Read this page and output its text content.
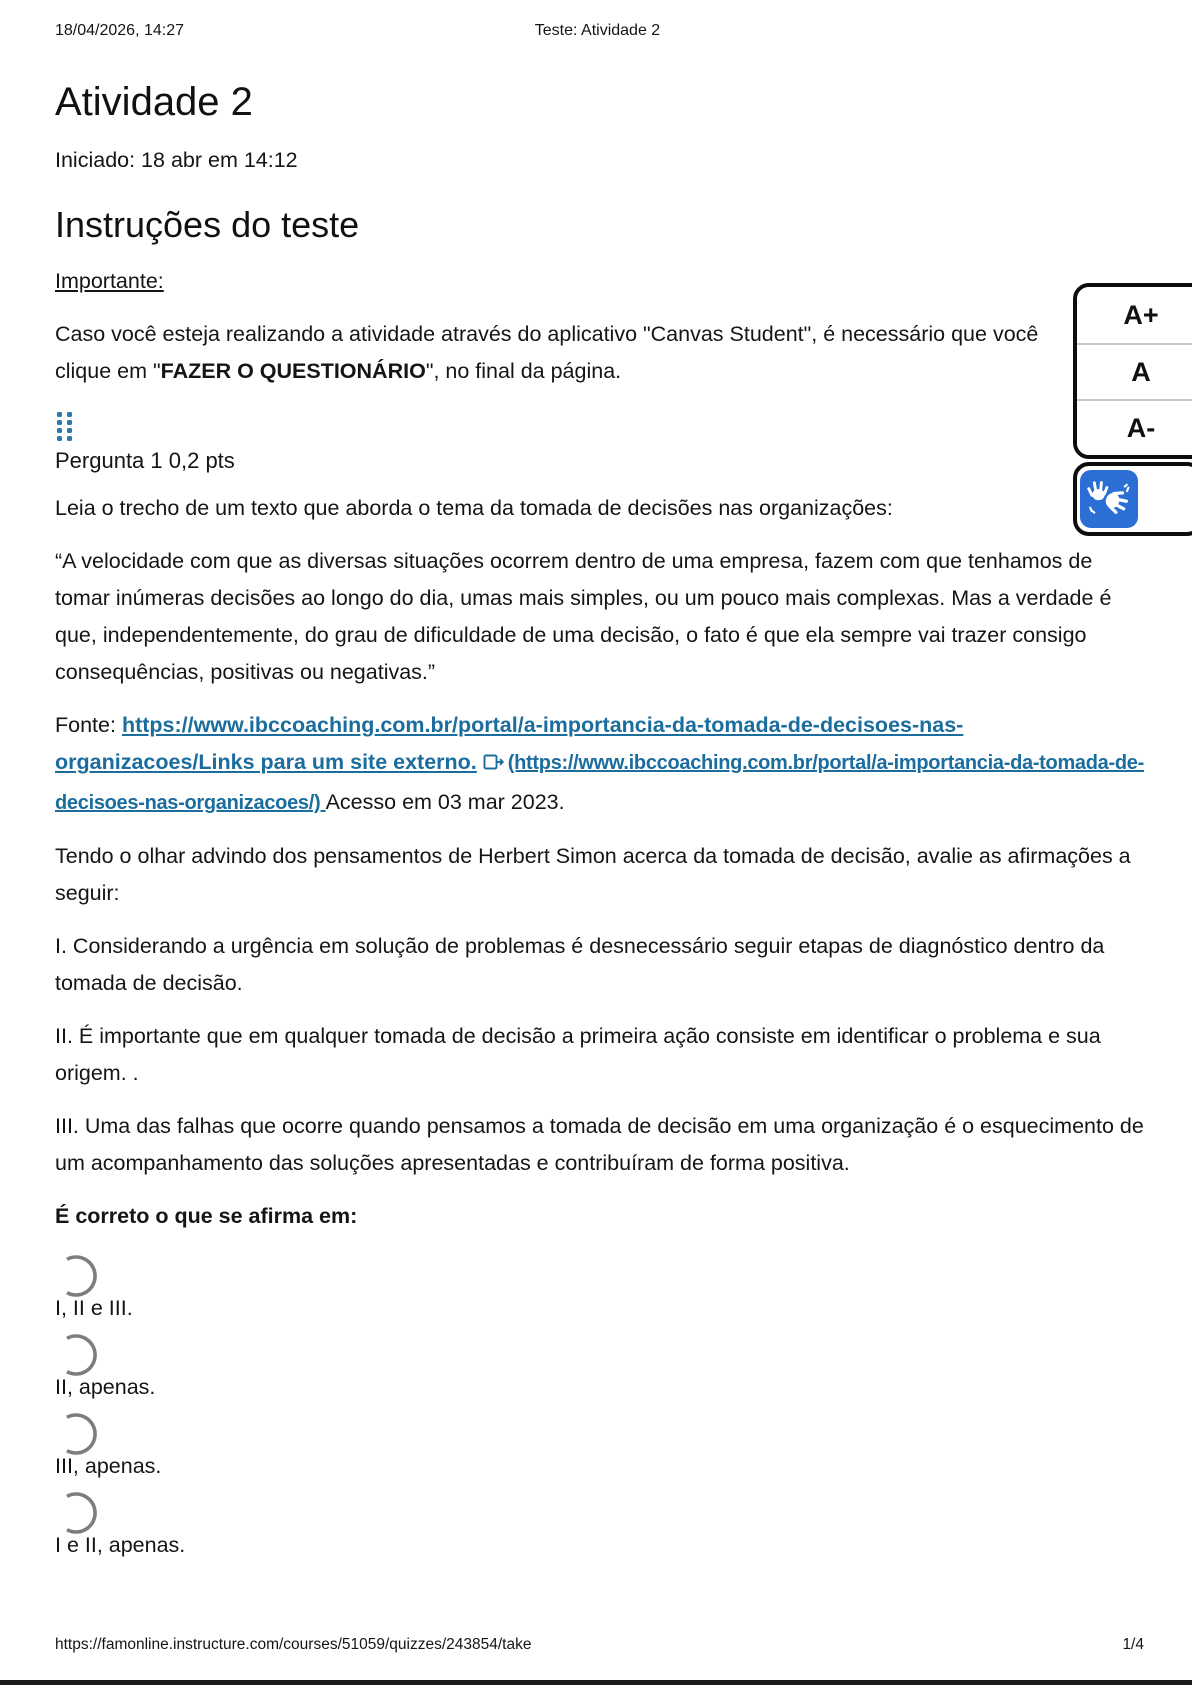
18/04/2026, 14:27	Teste: Atividade 2
Atividade 2
Iniciado: 18 abr em 14:12
Instruções do teste

Importante:

Caso você esteja realizando a atividade através do aplicativo "Canvas Student", é necessário que você clique em "FAZER O QUESTIONÁRIO", no final da página.

Pergunta 1 0,2 pts

Leia o trecho de um texto que aborda o tema da tomada de decisões nas organizações:

“A velocidade com que as diversas situações ocorrem dentro de uma empresa, fazem com que tenhamos de tomar inúmeras decisões ao longo do dia, umas mais simples, ou um pouco mais complexas. Mas a verdade é que, independentemente, do grau de dificuldade de uma decisão, o fato é que ela sempre vai trazer consigo consequências, positivas ou negativas.”

Fonte: https://www.ibccoaching.com.br/portal/a-importancia-da-tomada-de-decisoes-nas-organizacoes/Links para um site externo. (https://www.ibccoaching.com.br/portal/a-importancia-da-tomada-de-decisoes-nas-organizacoes/) Acesso em 03 mar 2023.

Tendo o olhar advindo dos pensamentos de Herbert Simon acerca da tomada de decisão, avalie as afirmações a seguir:

I. Considerando a urgência em solução de problemas é desnecessário seguir etapas de diagnóstico dentro da tomada de decisão.

II. É importante que em qualquer tomada de decisão a primeira ação consiste em identificar o problema e sua origem. .

III. Uma das falhas que ocorre quando pensamos a tomada de decisão em uma organização é o esquecimento de um acompanhamento das soluções apresentadas e contribuíram de forma positiva.

É correto o que se afirma em:

I, II e III.
II, apenas.
III, apenas.
I e II, apenas.
A+
A
A-
https://famonline.instructure.com/courses/51059/quizzes/243854/take	1/4
